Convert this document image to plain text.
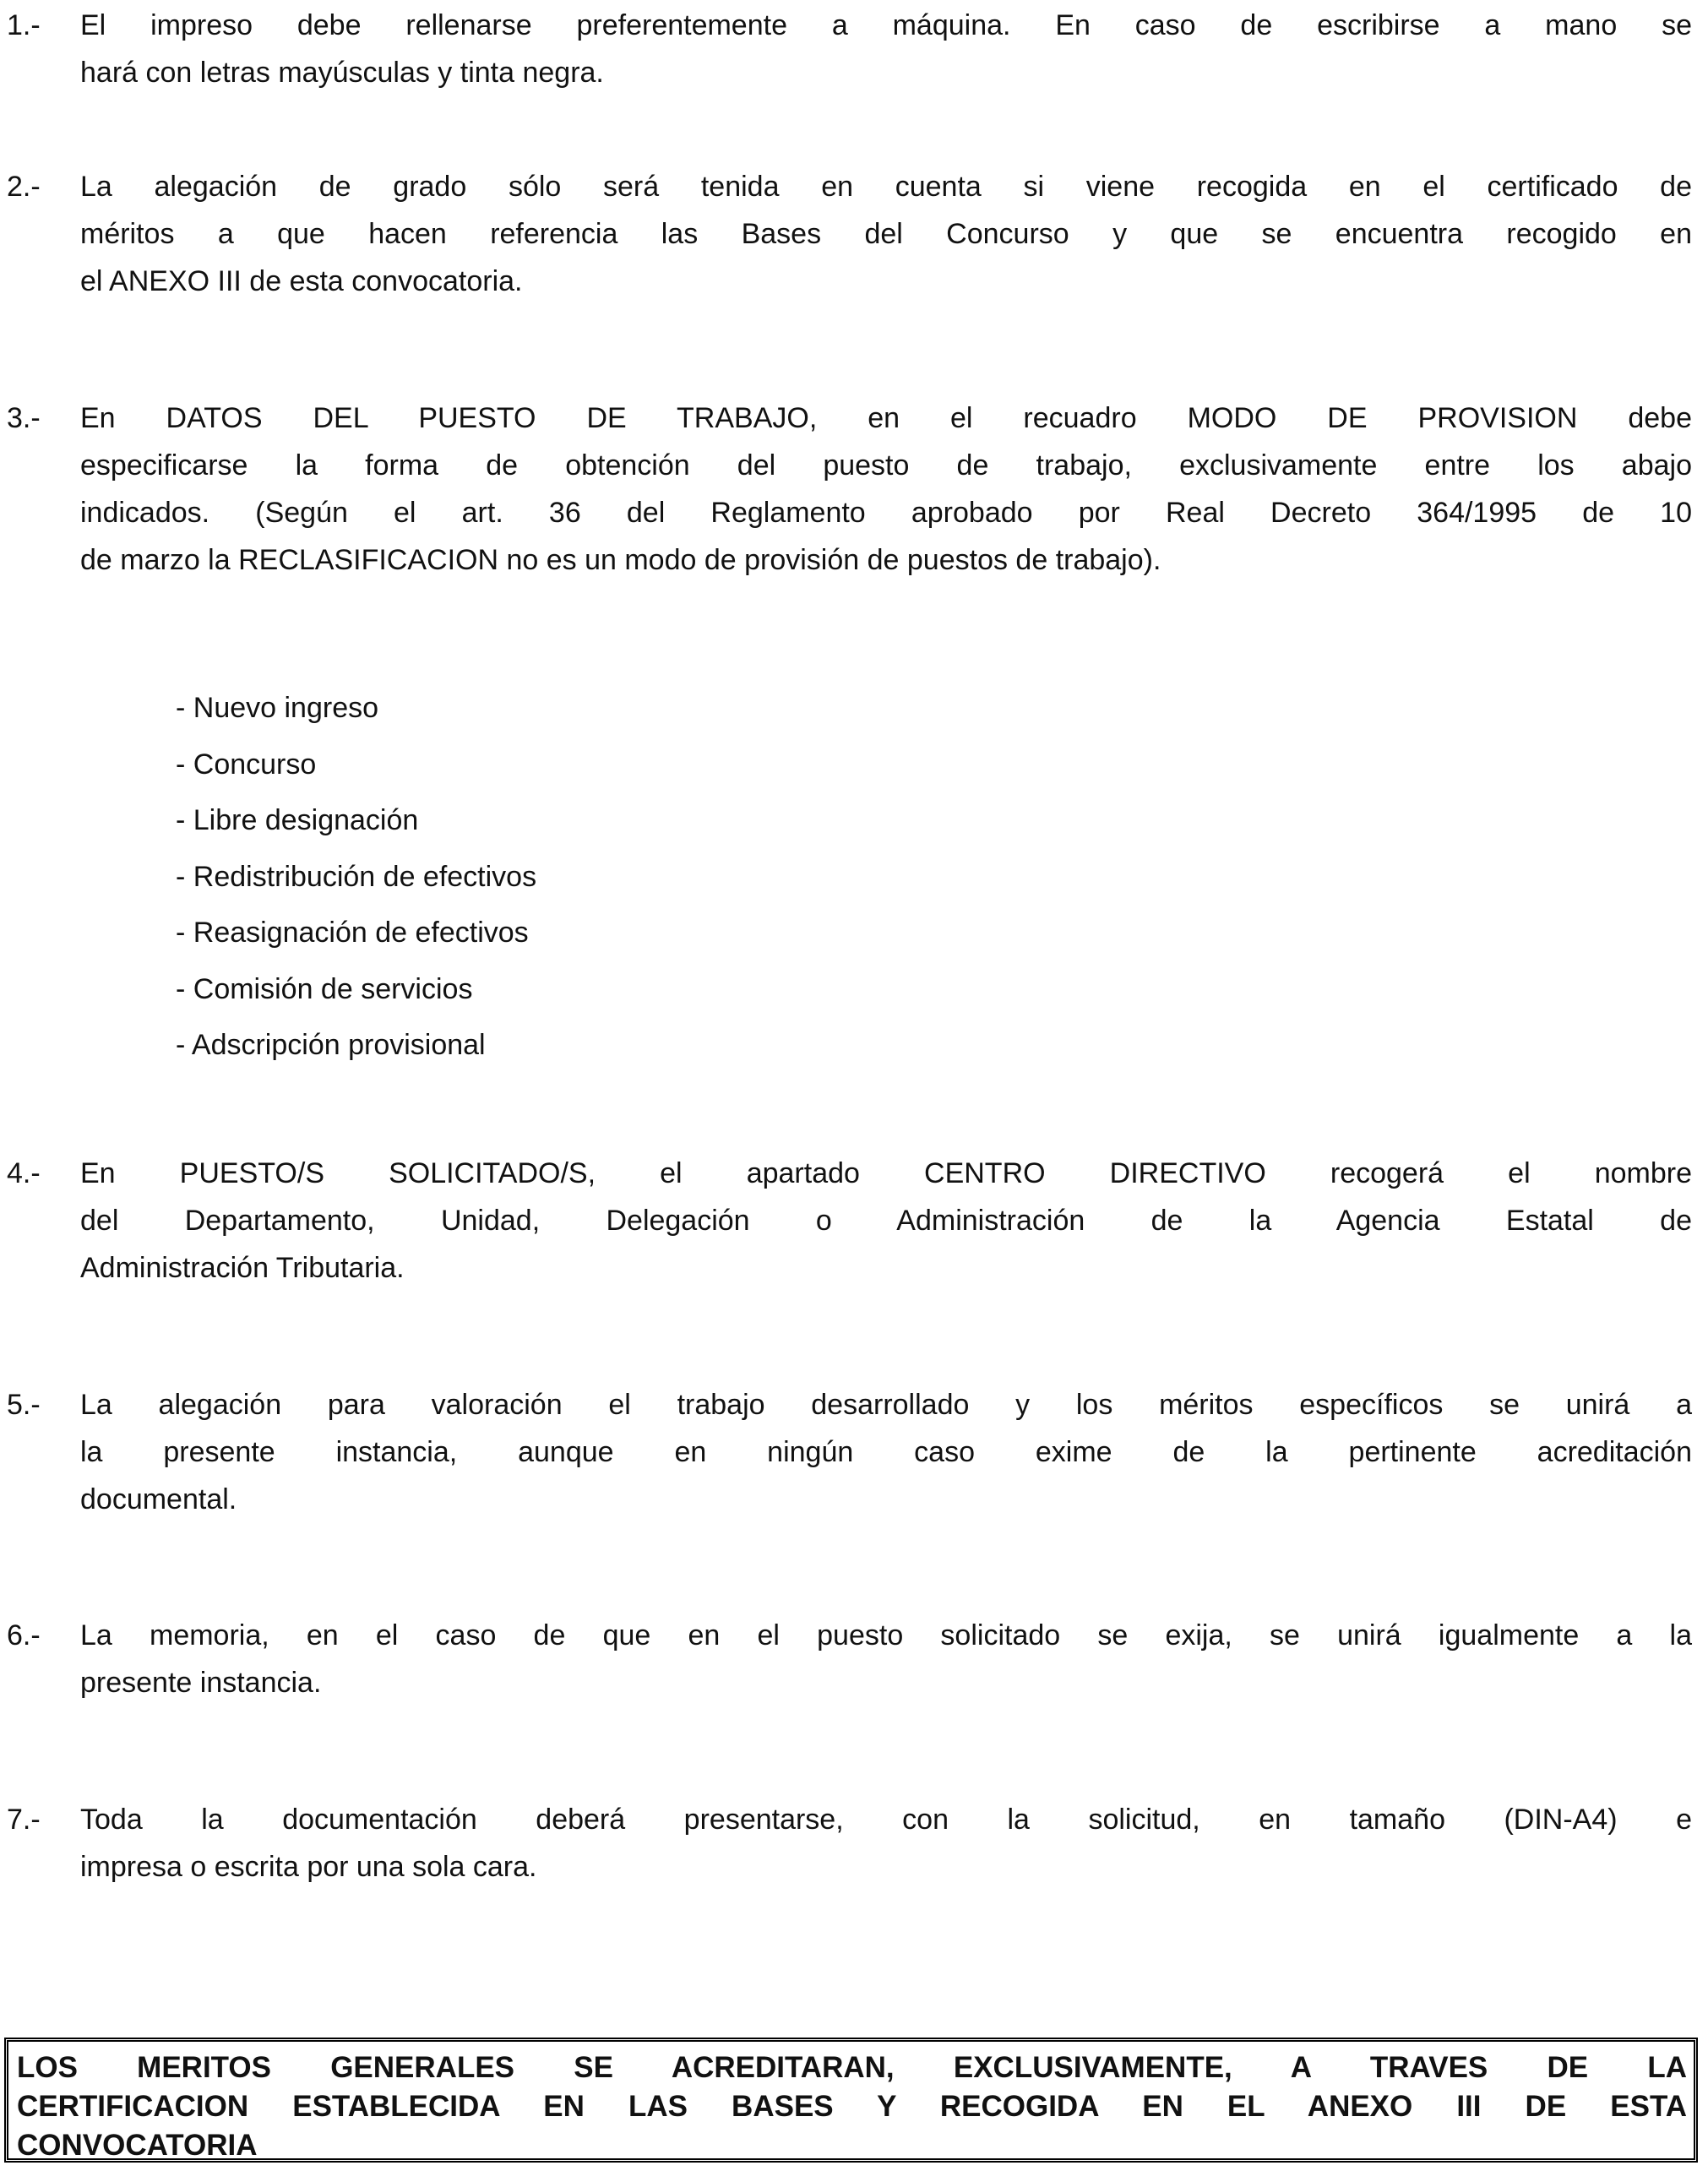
1.- El impreso debe rellenarse preferentemente a máquina. En caso de escribirse a mano se
hará con letras mayúsculas y tinta negra.
2.- La alegación de grado sólo será tenida en cuenta si viene recogida en el certificado de
méritos a que hacen referencia las Bases del Concurso y que se encuentra recogido en
el ANEXO III de esta convocatoria.
3.- En DATOS DEL PUESTO DE TRABAJO, en el recuadro MODO DE PROVISION debe
especificarse la forma de obtención del puesto de trabajo, exclusivamente entre los abajo
indicados. (Según el art. 36 del Reglamento aprobado por Real Decreto 364/1995 de 10
de marzo la RECLASIFICACION no es un modo de provisión de puestos de trabajo).
4.- En PUESTO/S SOLICITADO/S, el apartado CENTRO DIRECTIVO recogerá el nombre
del Departamento, Unidad, Delegación o Administración de la Agencia Estatal de
Administración Tributaria.
5.- La alegación para valoración el trabajo desarrollado y los méritos específicos se unirá a
la presente instancia, aunque en ningún caso exime de la pertinente acreditación
documental.
6.- La memoria, en el caso de que en el puesto solicitado se exija, se unirá igualmente a la
presente instancia.
7.- Toda la documentación deberá presentarse, con la solicitud, en tamaño (DIN-A4) e
impresa o escrita por una sola cara.
- Nuevo ingreso
- Concurso
- Libre designación
- Redistribución de efectivos
- Reasignación de efectivos
- Comisión de servicios
- Adscripción provisional
LOS MERITOS GENERALES SE ACREDITARAN, EXCLUSIVAMENTE, A TRAVES DE LA
CERTIFICACION ESTABLECIDA EN LAS BASES Y RECOGIDA EN EL ANEXO III DE ESTA
CONVOCATORIA
